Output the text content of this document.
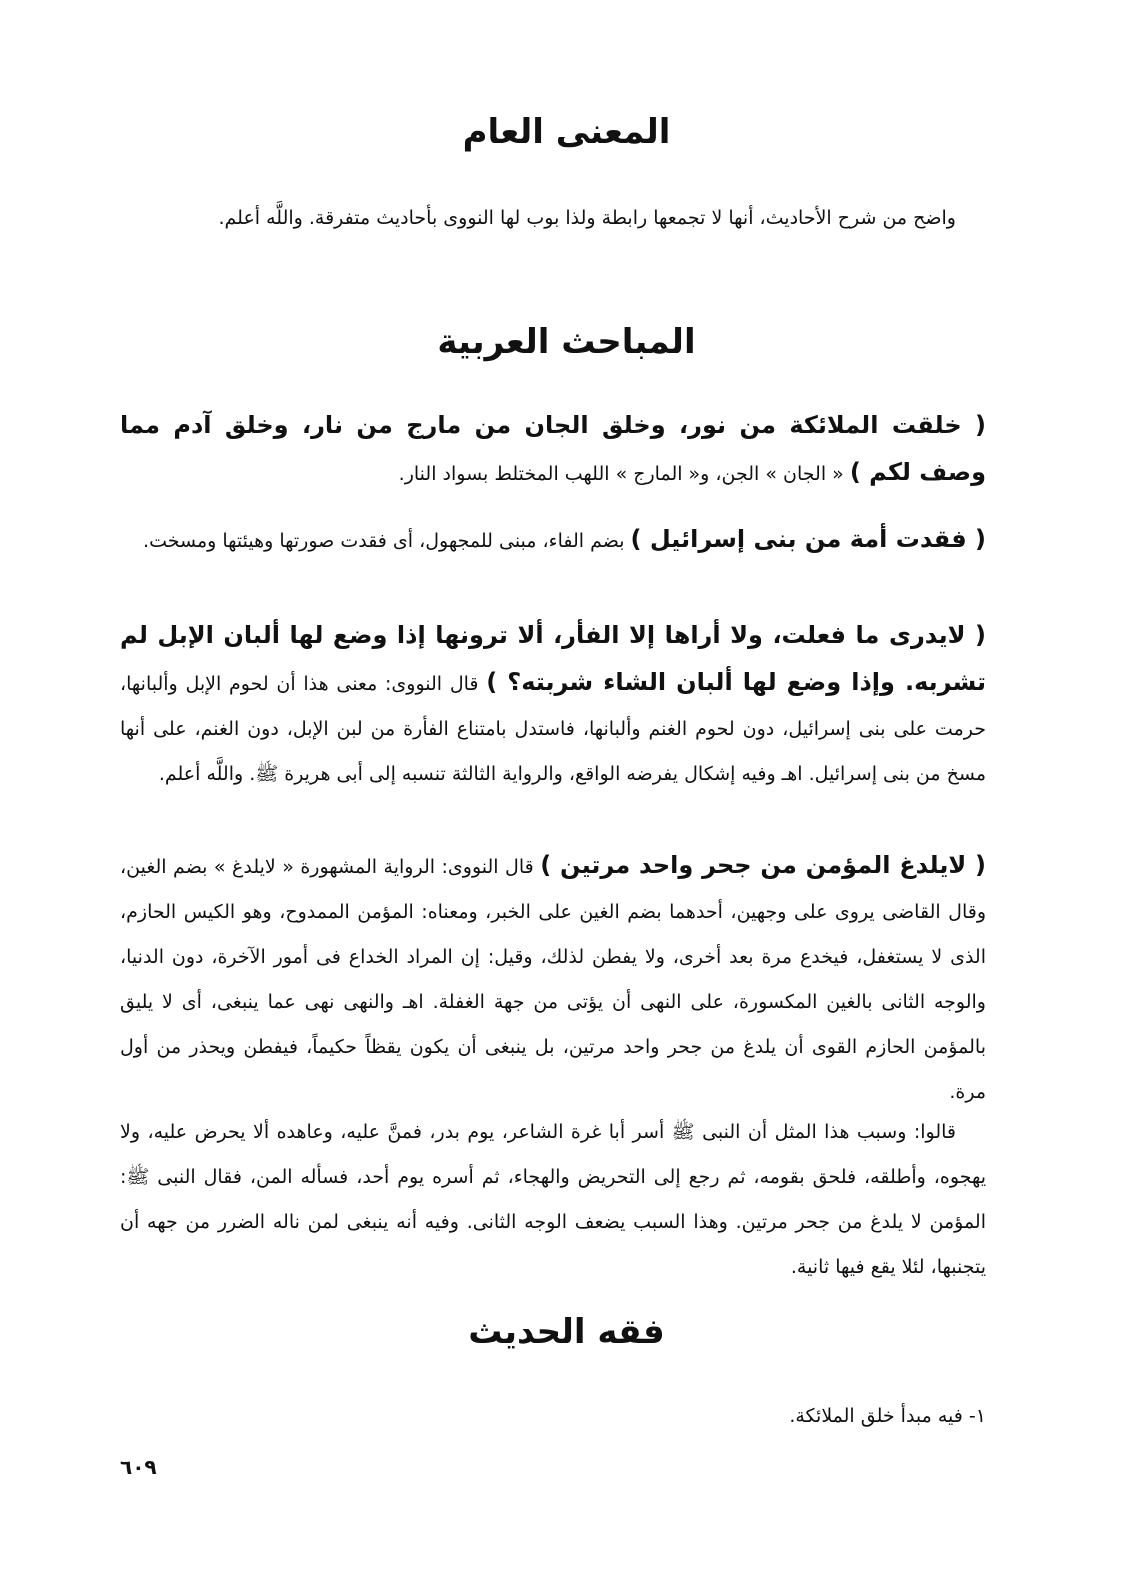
المعنى العام
واضح من شرح الأحاديث، أنها لا تجمعها رابطة ولذا بوب لها النووى بأحاديث متفرقة. واللَّه أعلم.
المباحث العربية
( خلقت الملائكة من نور، وخلق الجان من مارج من نار، وخلق آدم مما وصف لكم ) « الجان » الجن، و« المارج » اللهب المختلط بسواد النار.
( فقدت أمة من بنى إسرائيل ) بضم الفاء، مبنى للمجهول، أى فقدت صورتها وهيئتها ومسخت.
( لايدرى ما فعلت، ولا أراها إلا الفأر، ألا ترونها إذا وضع لها ألبان الإبل لم تشربه. وإذا وضع لها ألبان الشاء شربته؟ ) قال النووى: معنى هذا أن لحوم الإبل وألبانها، حرمت على بنى إسرائيل، دون لحوم الغنم وألبانها، فاستدل بامتناع الفأرة من لبن الإبل، دون الغنم، على أنها مسخ من بنى إسرائيل. اهـ وفيه إشكال يفرضه الواقع، والرواية الثالثة تنسبه إلى أبى هريرة ﷺ. واللَّه أعلم.
( لايلدغ المؤمن من جحر واحد مرتين ) قال النووى: الرواية المشهورة « لايلدغ » بضم الغين، وقال القاضى يروى على وجهين، أحدهما بضم الغين على الخبر، ومعناه: المؤمن الممدوح، وهو الكيس الحازم، الذى لا يستغفل، فيخدع مرة بعد أخرى، ولا يفطن لذلك، وقيل: إن المراد الخداع فى أمور الآخرة، دون الدنيا، والوجه الثانى بالغين المكسورة، على النهى أن يؤتى من جهة الغفلة. اهـ والنهى نهى عما ينبغى، أى لا يليق بالمؤمن الحازم القوى أن يلدغ من جحر واحد مرتين، بل ينبغى أن يكون يقظاً حكيماً، فيفطن ويحذر من أول مرة.
قالوا: وسبب هذا المثل أن النبى ﷺ أسر أبا غرة الشاعر، يوم بدر، فمنَّ عليه، وعاهده ألا يحرض عليه، ولا يهجوه، وأطلقه، فلحق بقومه، ثم رجع إلى التحريض والهجاء، ثم أسره يوم أحد، فسأله المن، فقال النبى ﷺ: المؤمن لا يلدغ من جحر مرتين. وهذا السبب يضعف الوجه الثانى. وفيه أنه ينبغى لمن ناله الضرر من جهه أن يتجنبها، لئلا يقع فيها ثانية.
فقه الحديث
١- فيه مبدأ خلق الملائكة.
٦٠٩
